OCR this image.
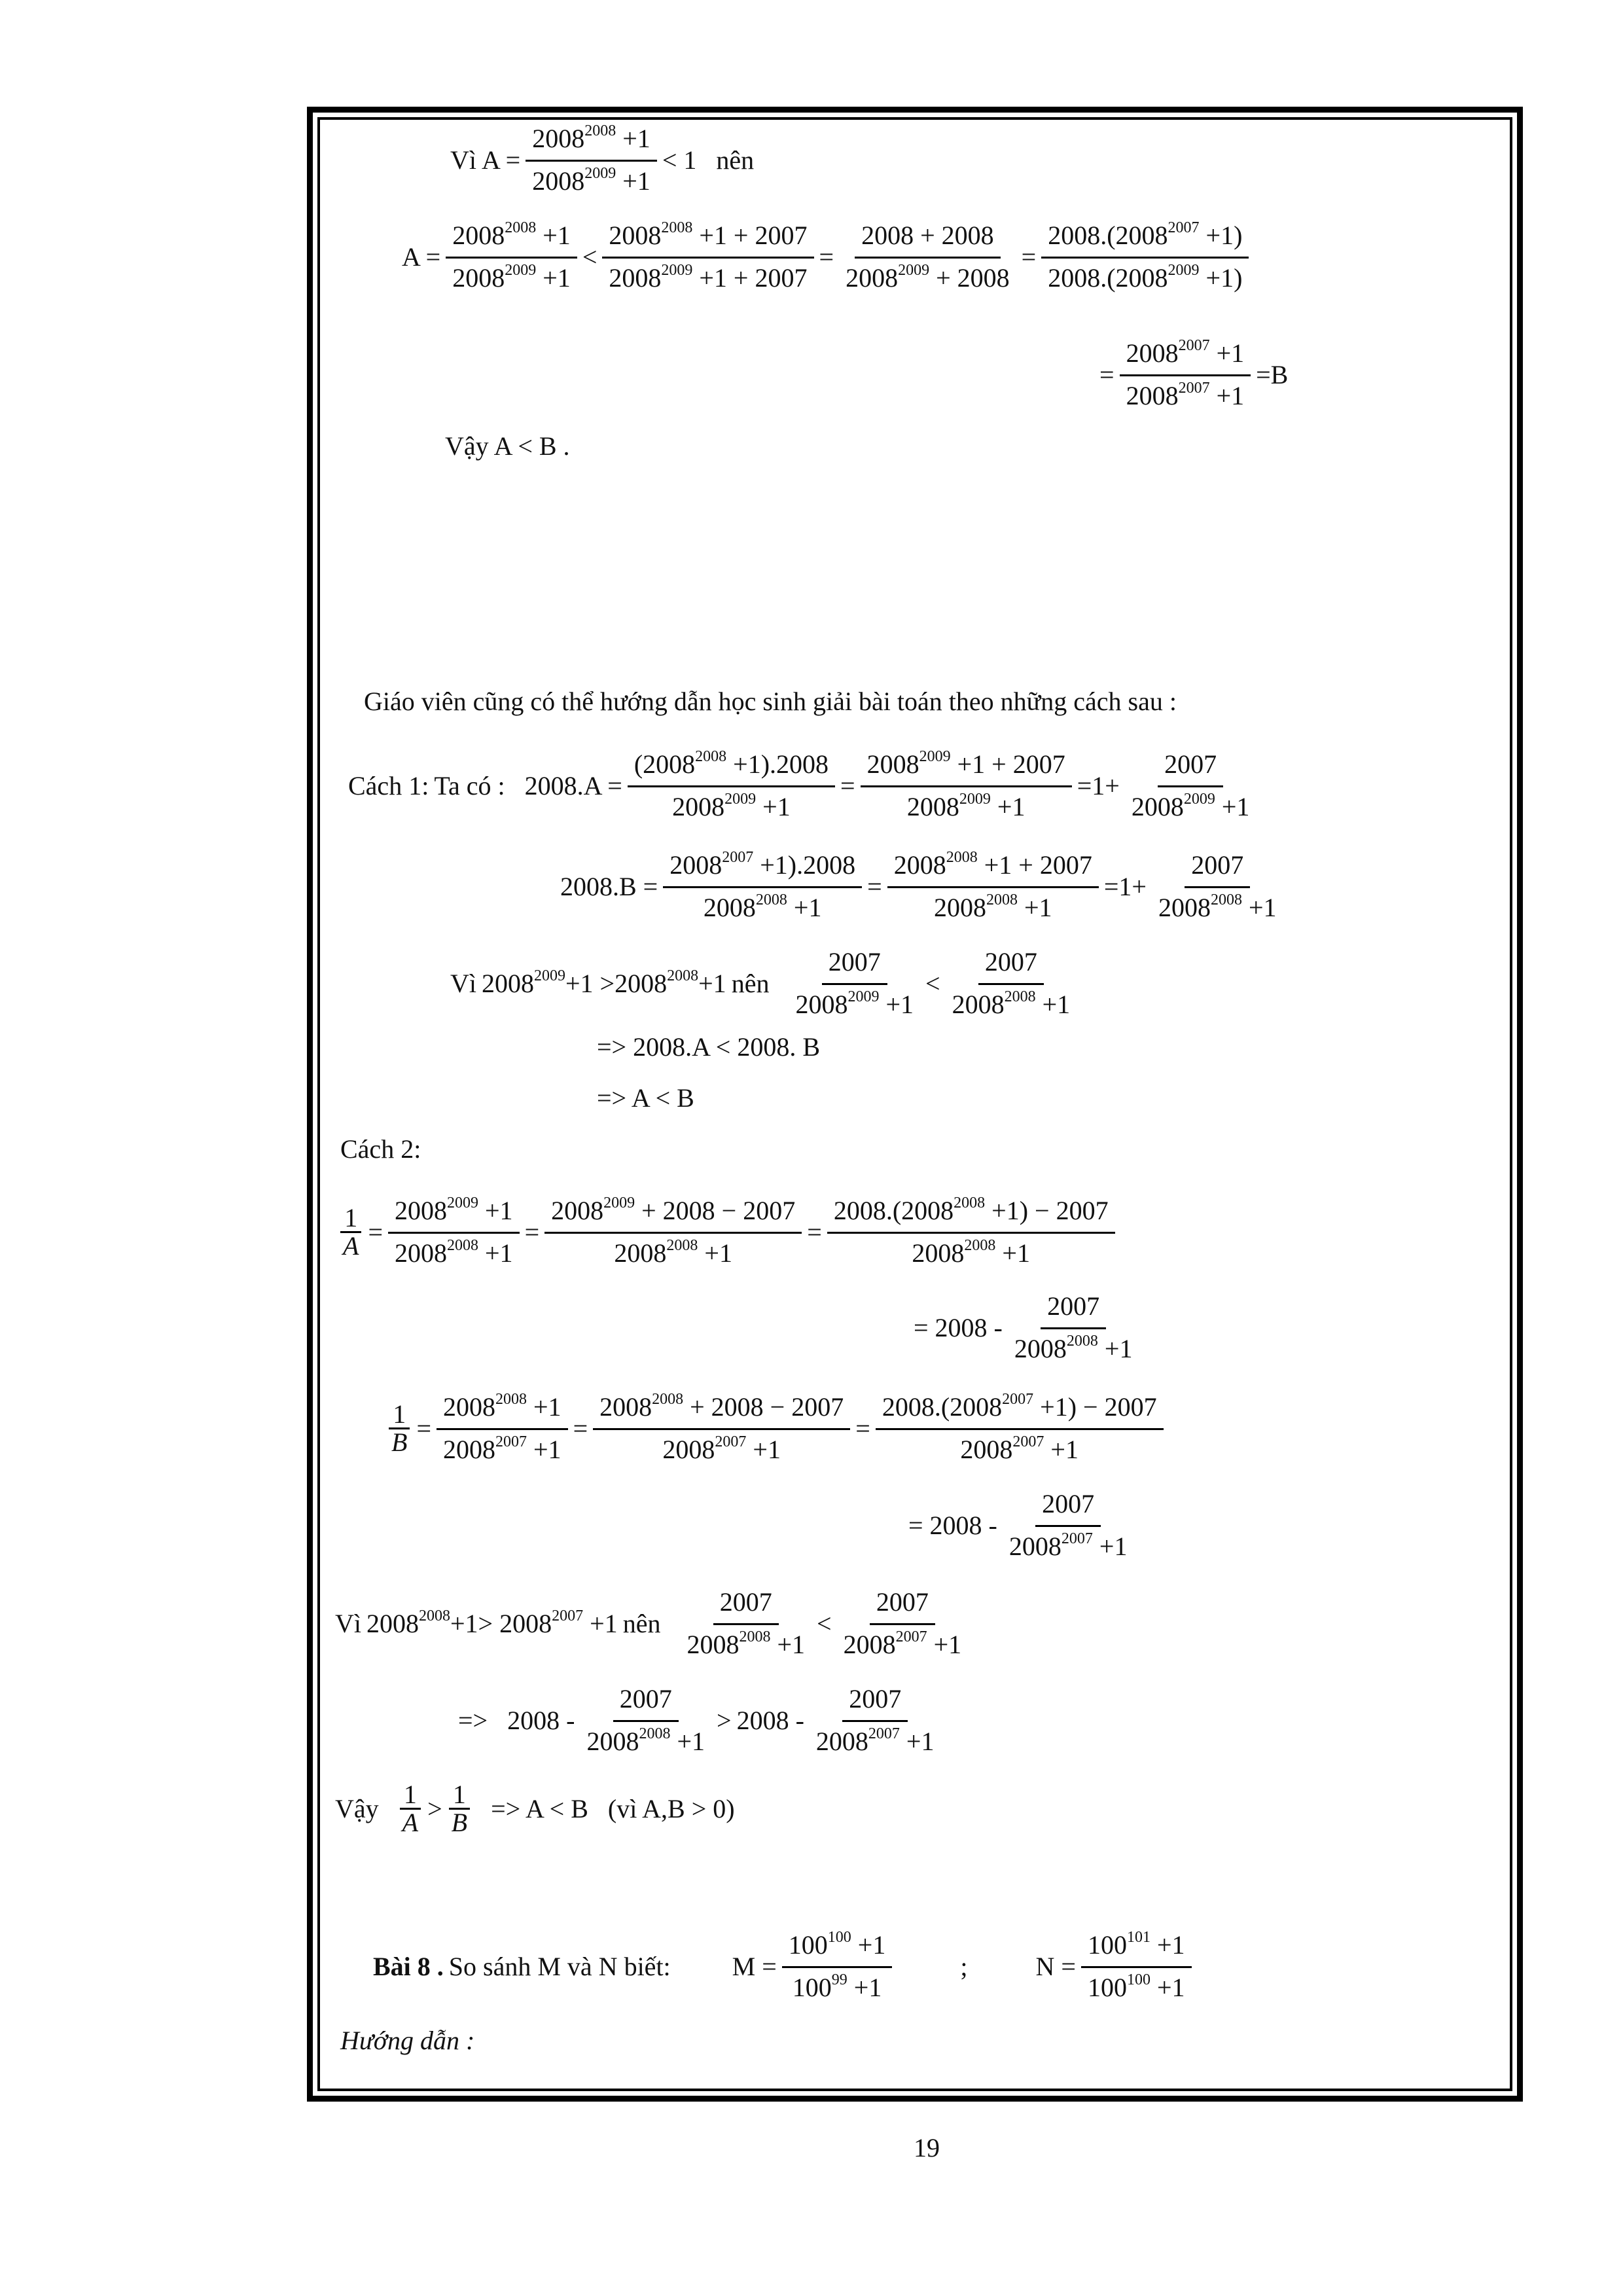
Vì $A = \frac{2008^{2008} +1}{2008^{2009} +1} < 1$ nên
$A = \frac{2008^{2008} +1}{2008^{2009} +1} < \frac{2008^{2008} +1 + 2007}{2008^{2009} +1 + 2007} = \frac{2008 + 2008}{2008^{2009} + 2008} = \frac{2008.(2008^{2007} +1)}{2008.(2008^{2009} +1)}$
= $\frac{2008^{2007} +1}{2008^{2007} +1} =B$
Vậy A < B .
Giáo viên cũng có thể hướng dẫn học sinh giải bài toán theo những cách sau :
Cách 1: Ta có : $2008.A = \frac{(2008^{2008} +1).2008}{2008^{2009} +1} = \frac{2008^{2009} +1 + 2007}{2008^{2009} +1} =1+ \frac{2007}{2008^{2009} +1}$
$2008.B = \frac{2008^{2007} +1).2008}{2008^{2008} +1} = \frac{2008^{2008} +1 + 2007}{2008^{2008} +1} =1+ \frac{2007}{2008^{2008} +1}$
Vì $2008^{2009}+1 >2008^{2008}+1$ nên $\frac{2007}{2008^{2009} +1} < \frac{2007}{2008^{2008} +1}$
=> 2008.A < 2008. B
=> A < B
Cách 2:
$\frac{1}{A} = \frac{2008^{2009} +1}{2008^{2008} +1} = \frac{2008^{2009} + 2008 - 2007}{2008^{2008} +1} = \frac{2008.(2008^{2008} +1) - 2007}{2008^{2008} +1}$
= $2008 - \frac{2007}{2008^{2008} +1}$
$\frac{1}{B} = \frac{2008^{2008} +1}{2008^{2007} +1} = \frac{2008^{2008} + 2008 - 2007}{2008^{2007} +1} = \frac{2008.(2008^{2007} +1) - 2007}{2008^{2007} +1}$
= $2008 - \frac{2007}{2008^{2007} +1}$
Vì $2008^{2008}+1> 2008^{2007} +1$ nên $\frac{2007}{2008^{2008} +1} < \frac{2007}{2008^{2007} +1}$
=> $2008 - \frac{2007}{2008^{2008} +1} > 2008 - \frac{2007}{2008^{2007} +1}$
Vậy $\frac{1}{A} > \frac{1}{B} => A < B$ (vì A,B > 0)
Bài 8 . So sánh M và N biết: $M = \frac{100^{100} +1}{100^{99} +1}$	;	$N = \frac{100^{101} +1}{100^{100} +1}$
Hướng dẫn :
19
